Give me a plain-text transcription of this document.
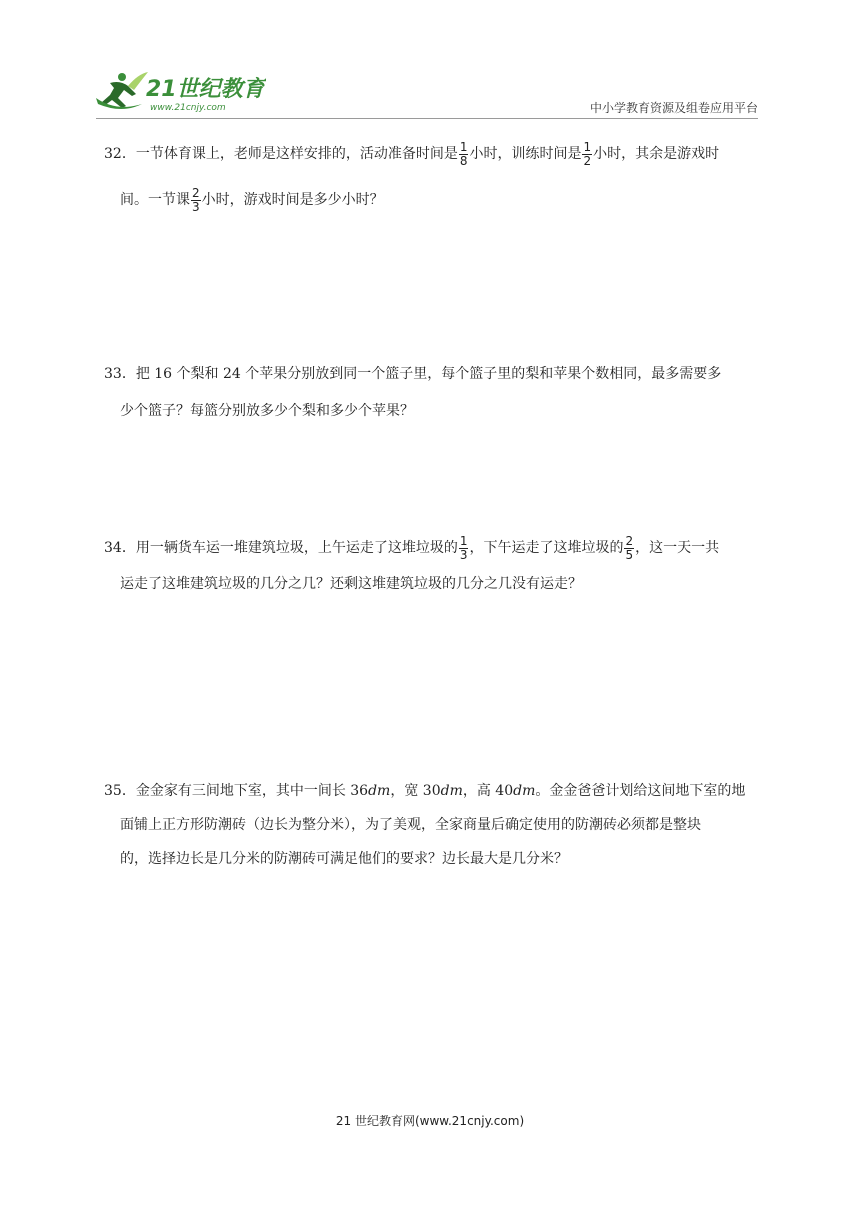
21世纪教育
www.21cnjy.com	中小学教育资源及组卷应用平台
32．一节体育课上，老师是这样安排的，活动准备时间是 $\frac{1}{8}$ 小时，训练时间是 $\frac{1}{2}$ 小时，其余是游戏时
间。一节课 $\frac{2}{3}$ 小时，游戏时间是多少小时？
33．把 16 个梨和 24 个苹果分别放到同一个篮子里，每个篮子里的梨和苹果个数相同，最多需要多
少个篮子？每篮分别放多少个梨和多少个苹果？
34．用一辆货车运一堆建筑垃圾，上午运走了这堆垃圾的 $\frac{1}{3}$ ，下午运走了这堆垃圾的 $\frac{2}{5}$ ，这一天一共
运走了这堆建筑垃圾的几分之几？还剩这堆建筑垃圾的几分之几没有运走？
35．金金家有三间地下室，其中一间长 36dm，宽 30dm，高 40dm。金金爸爸计划给这间地下室的地
面铺上正方形防潮砖（边长为整分米），为了美观，全家商量后确定使用的防潮砖必须都是整块
的，选择边长是几分米的防潮砖可满足他们的要求？边长最大是几分米？
21 世纪教育网(www.21cnjy.com)
